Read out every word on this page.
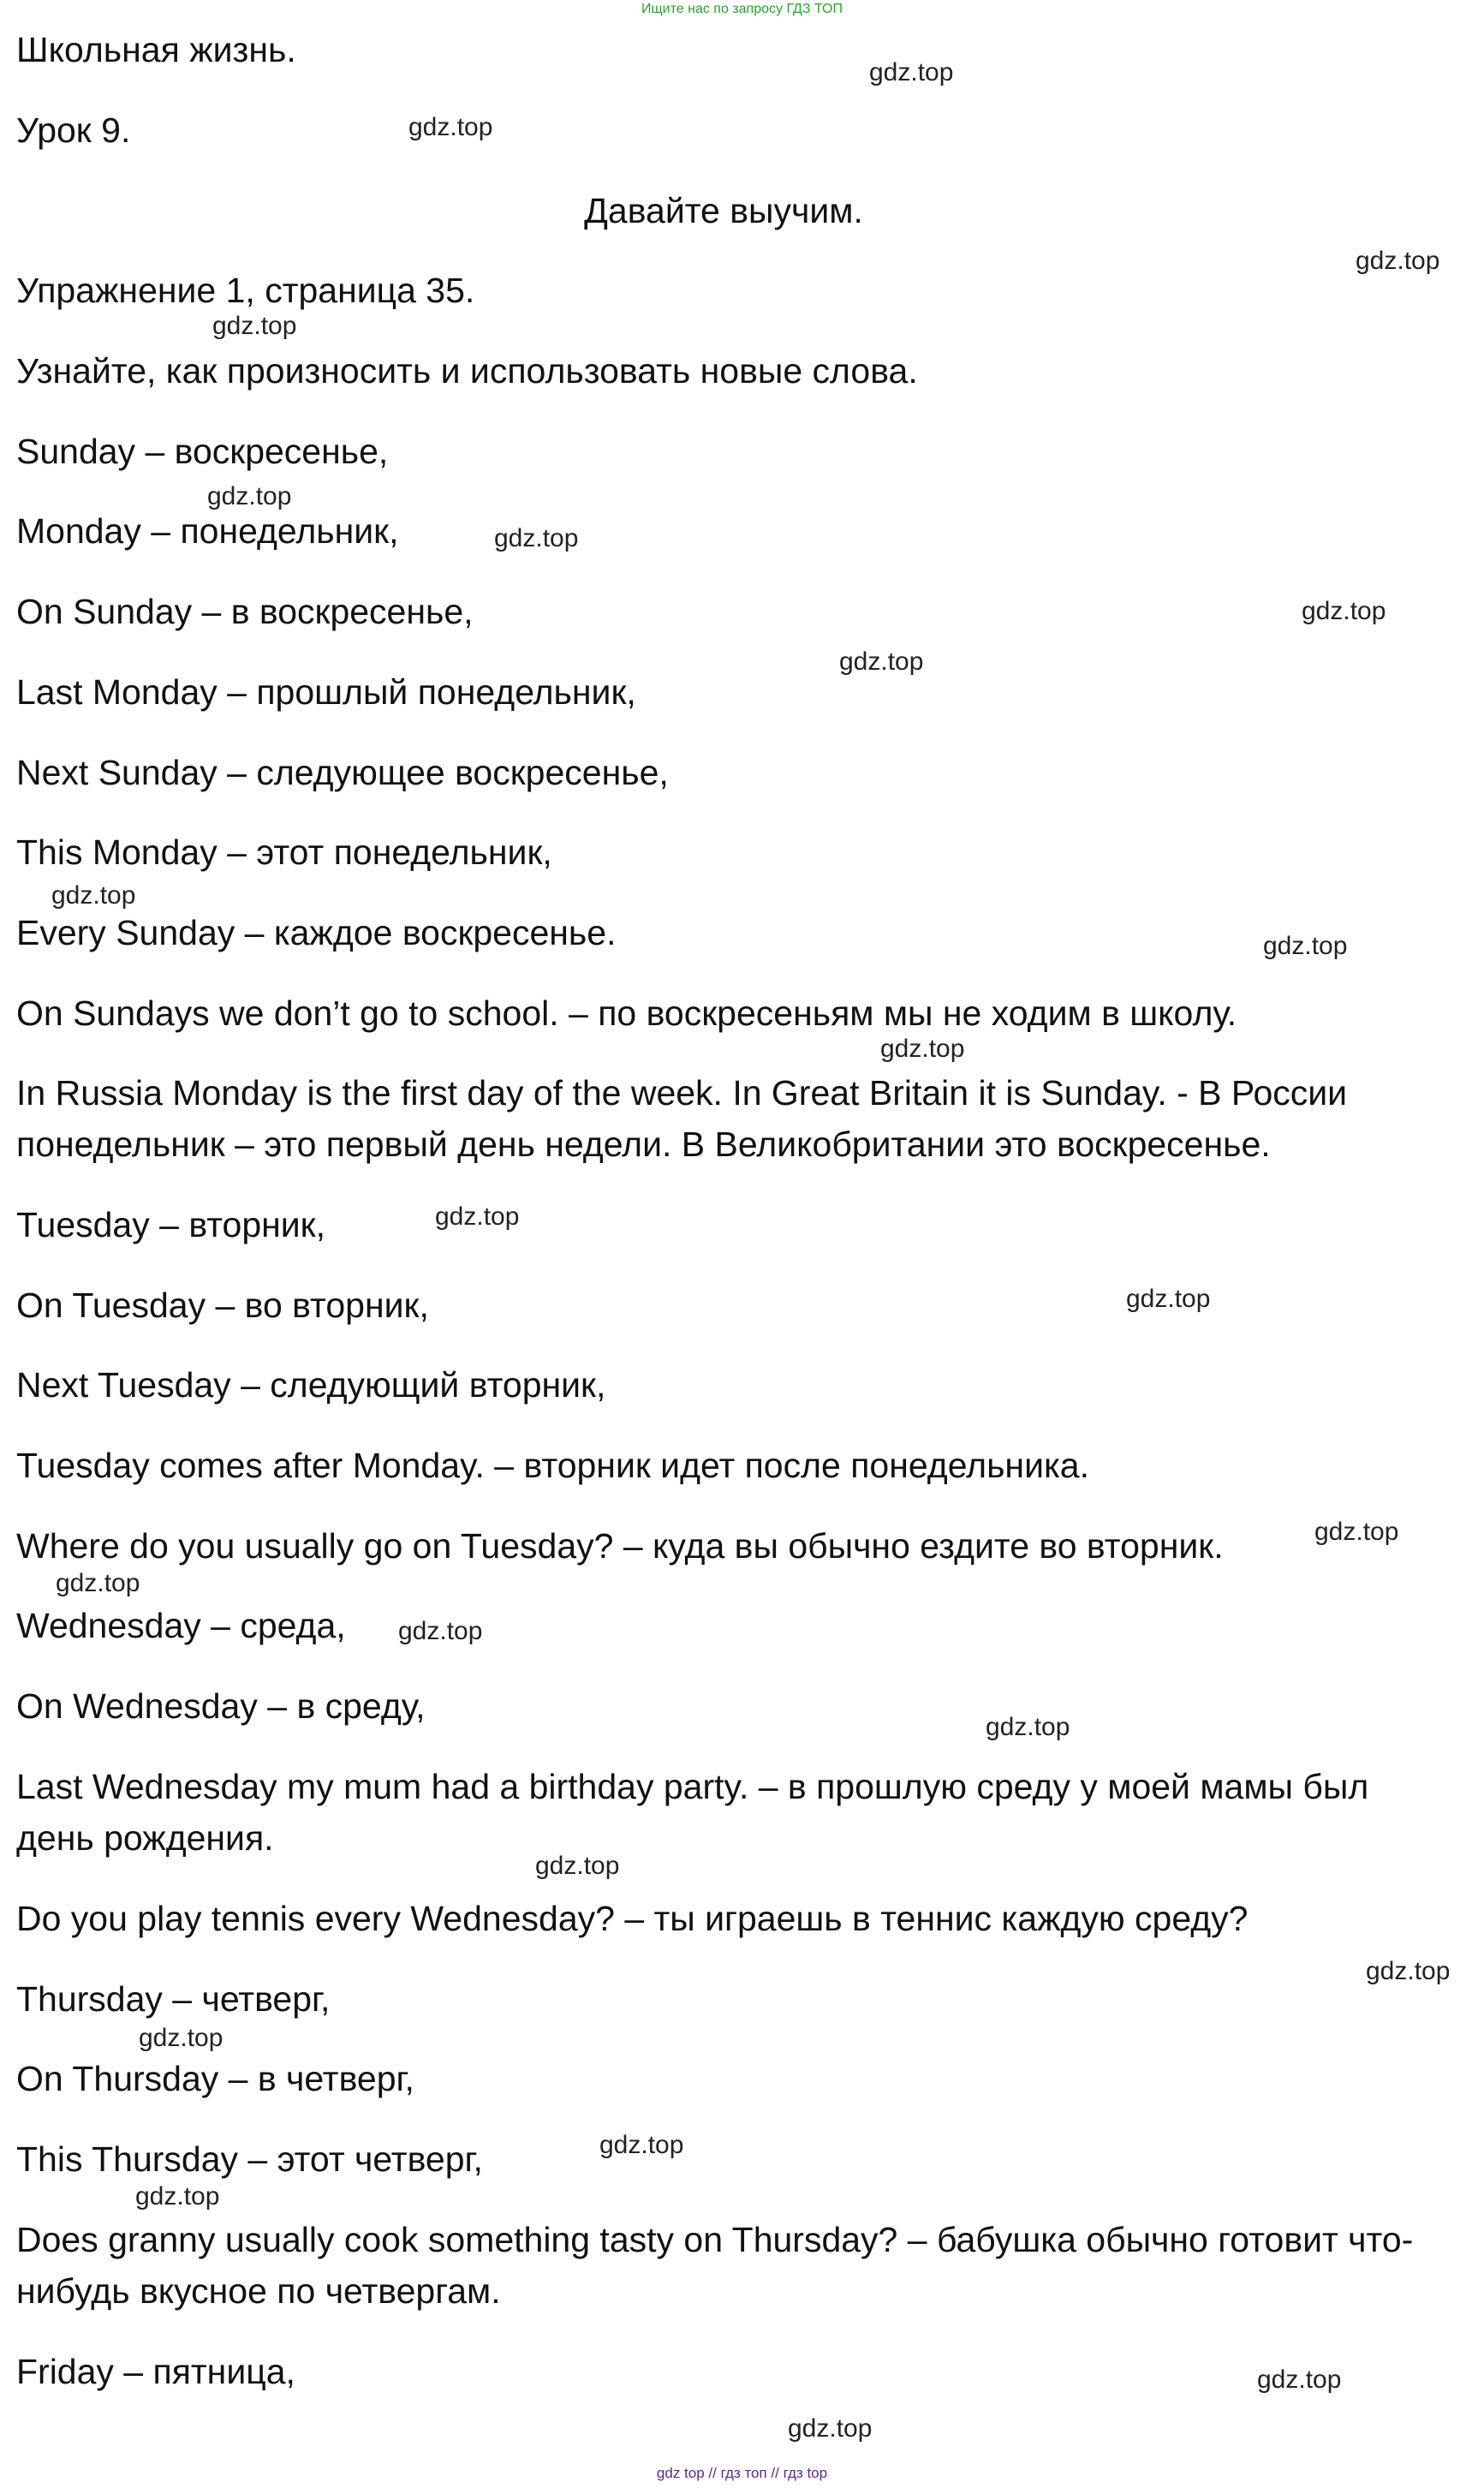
Ищите нас по запросу ГДЗ ТОП
Школьная жизнь.
Урок 9.
Давайте выучим.
Упражнение 1, страница 35.
Узнайте, как произносить и использовать новые слова.
Sunday – воскресенье,
Monday – понедельник,
On Sunday – в воскресенье,
Last Monday – прошлый понедельник,
Next Sunday – следующее воскресенье,
This Monday – этот понедельник,
Every Sunday – каждое воскресенье.
On Sundays we don’t go to school. – по воскресеньям мы не ходим в школу.
In Russia Monday is the first day of the week. In Great Britain it is Sunday. - В России понедельник – это первый день недели. В Великобритании это воскресенье.
Tuesday – вторник,
On Tuesday – во вторник,
Next Tuesday – следующий вторник,
Tuesday comes after Monday. – вторник идет после понедельника.
Where do you usually go on Tuesday? – куда вы обычно ездите во вторник.
Wednesday – среда,
On Wednesday – в среду,
Last Wednesday my mum had a birthday party. – в прошлую среду у моей мамы был день рождения.
Do you play tennis every Wednesday? – ты играешь в теннис каждую среду?
Thursday – четверг,
On Thursday – в четверг,
This Thursday – этот четверг,
Does granny usually cook something tasty on Thursday? – бабушка обычно готовит что-нибудь вкусное по четвергам.
Friday – пятница,
gdz.top
gdz.top
gdz.top
gdz.top
gdz.top
gdz.top
gdz.top
gdz.top
gdz.top
gdz.top
gdz.top
gdz.top
gdz.top
gdz.top
gdz.top
gdz.top
gdz.top
gdz.top
gdz.top
gdz.top
gdz.top
gdz.top
gdz.top
gdz.top
gdz top // гдз топ // гдз top
